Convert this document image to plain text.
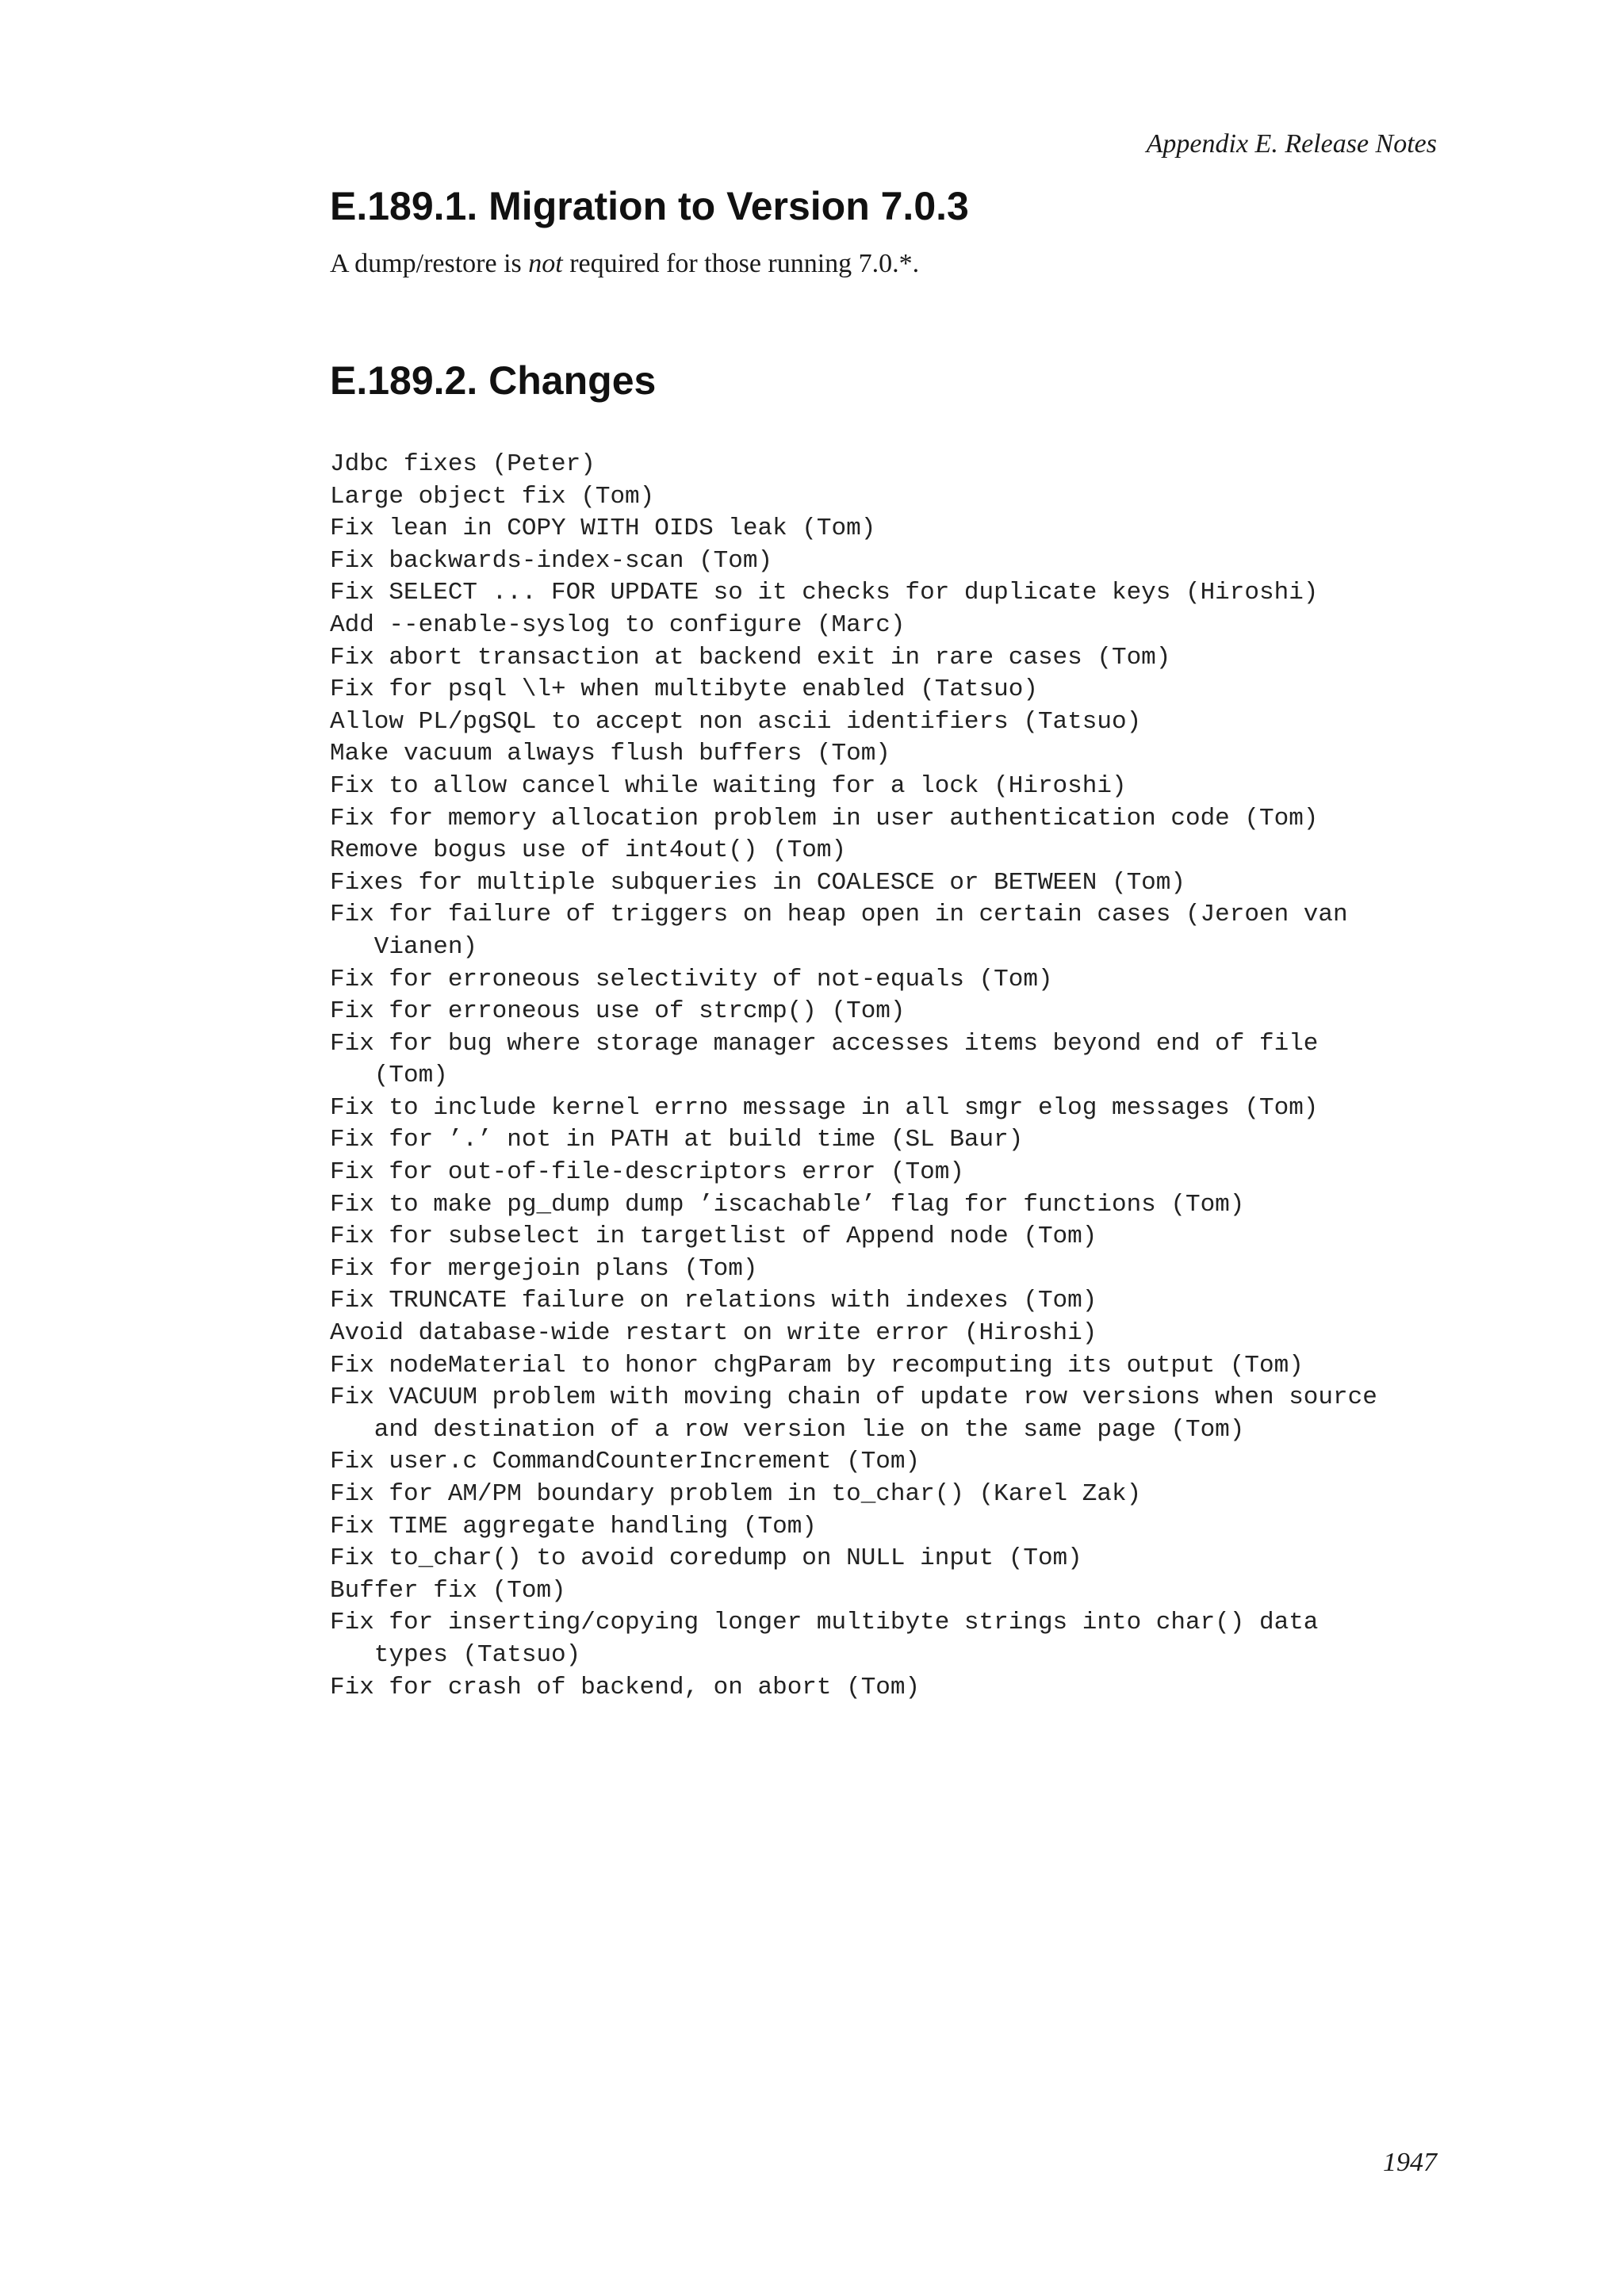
Appendix E. Release Notes
E.189.1. Migration to Version 7.0.3

A dump/restore is not required for those running 7.0.*.

E.189.2. Changes
Jdbc fixes (Peter)
Large object fix (Tom)
Fix lean in COPY WITH OIDS leak (Tom)
Fix backwards-index-scan (Tom)
Fix SELECT ... FOR UPDATE so it checks for duplicate keys (Hiroshi)
Add --enable-syslog to configure (Marc)
Fix abort transaction at backend exit in rare cases (Tom)
Fix for psql \l+ when multibyte enabled (Tatsuo)
Allow PL/pgSQL to accept non ascii identifiers (Tatsuo)
Make vacuum always flush buffers (Tom)
Fix to allow cancel while waiting for a lock (Hiroshi)
Fix for memory allocation problem in user authentication code (Tom)
Remove bogus use of int4out() (Tom)
Fixes for multiple subqueries in COALESCE or BETWEEN (Tom)
Fix for failure of triggers on heap open in certain cases (Jeroen van
Vianen)
Fix for erroneous selectivity of not-equals (Tom)
Fix for erroneous use of strcmp() (Tom)
Fix for bug where storage manager accesses items beyond end of file
(Tom)
Fix to include kernel errno message in all smgr elog messages (Tom)
Fix for ’.’ not in PATH at build time (SL Baur)
Fix for out-of-file-descriptors error (Tom)
Fix to make pg_dump dump ’iscachable’ flag for functions (Tom)
Fix for subselect in targetlist of Append node (Tom)
Fix for mergejoin plans (Tom)
Fix TRUNCATE failure on relations with indexes (Tom)
Avoid database-wide restart on write error (Hiroshi)
Fix nodeMaterial to honor chgParam by recomputing its output (Tom)
Fix VACUUM problem with moving chain of update row versions when source
and destination of a row version lie on the same page (Tom)
Fix user.c CommandCounterIncrement (Tom)
Fix for AM/PM boundary problem in to_char() (Karel Zak)
Fix TIME aggregate handling (Tom)
Fix to_char() to avoid coredump on NULL input (Tom)
Buffer fix (Tom)
Fix for inserting/copying longer multibyte strings into char() data
types (Tatsuo)
Fix for crash of backend, on abort (Tom)
1947
